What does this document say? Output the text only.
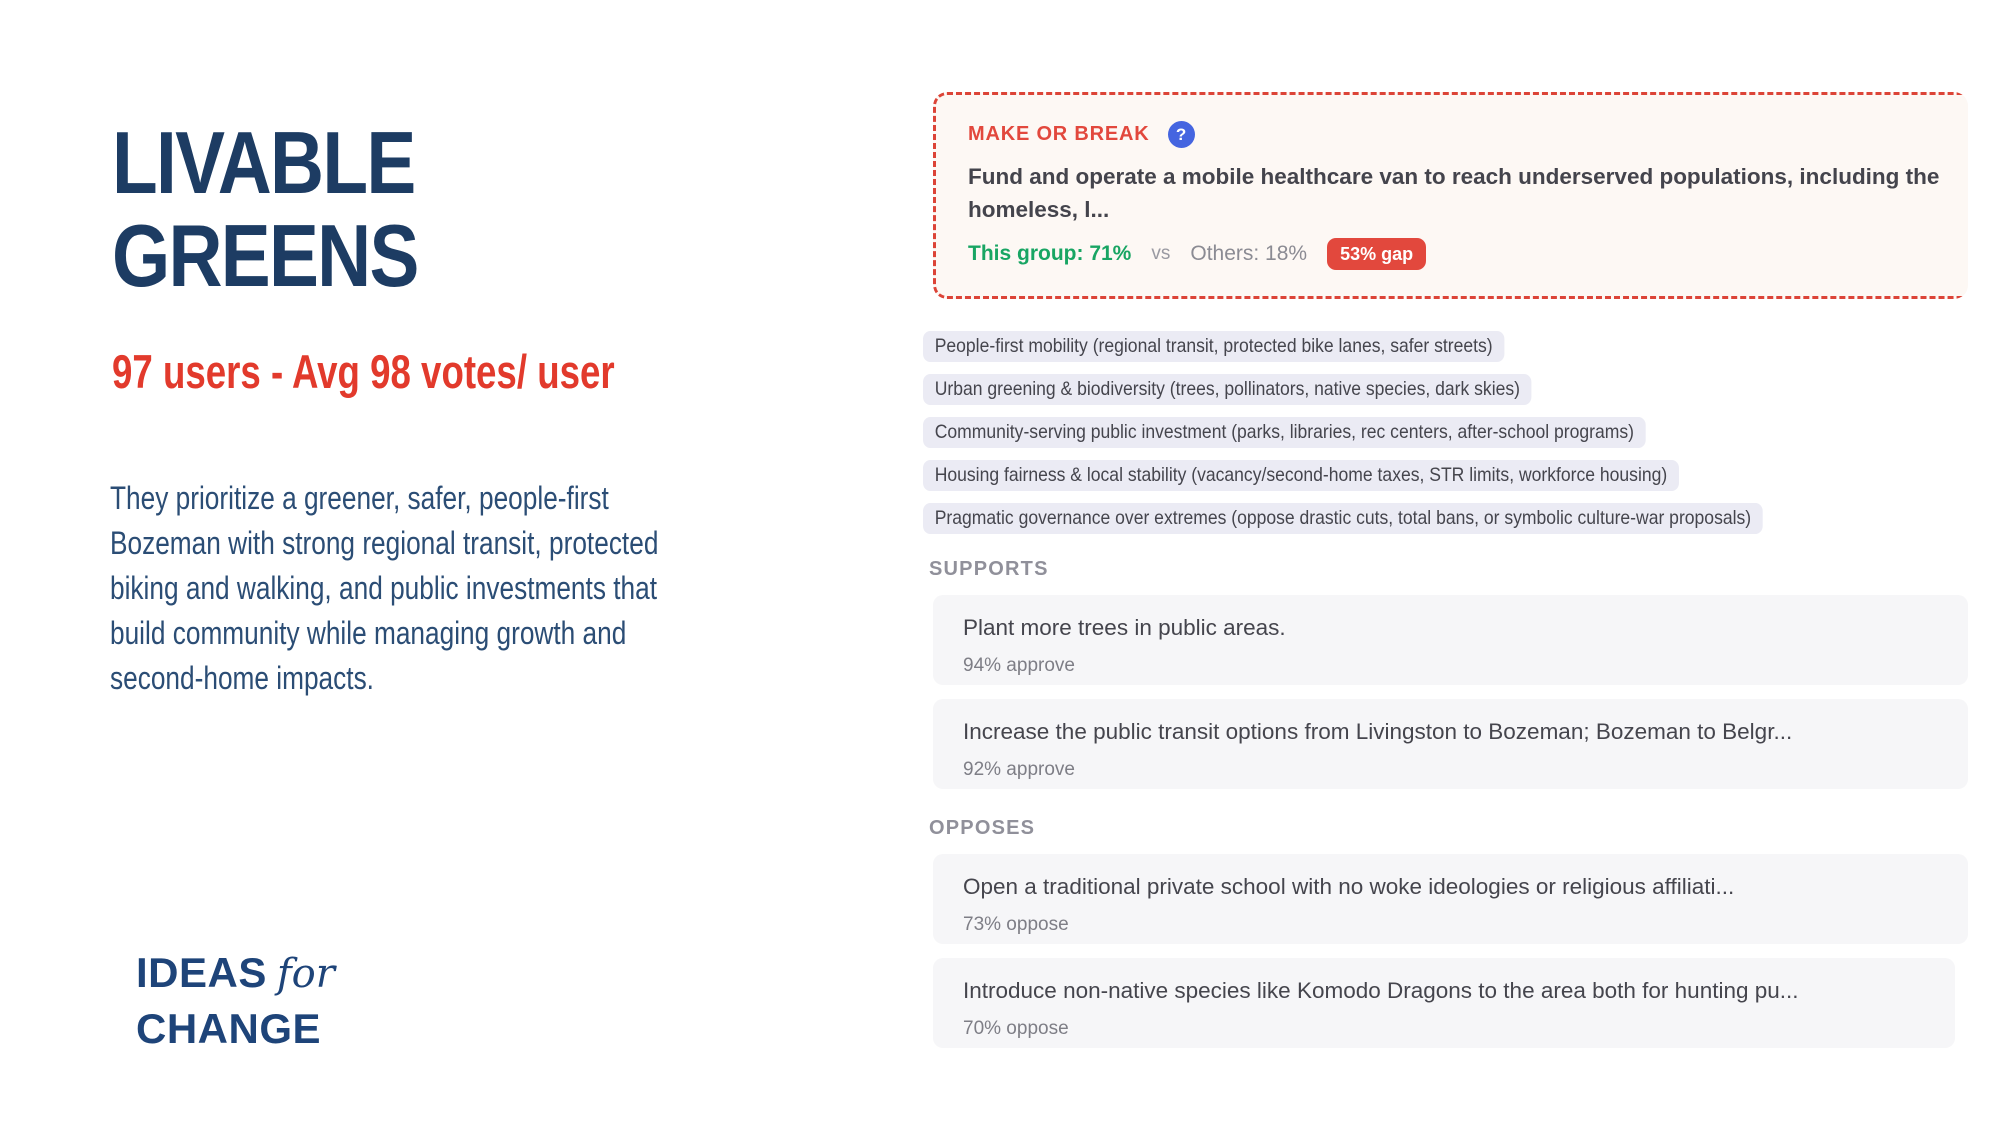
LIVABLE
GREENS
97 users - Avg 98 votes/ user

They prioritize a greener, safer, people-first Bozeman with strong regional transit, protected biking and walking, and public investments that build community while managing growth and second-home impacts.

IDEAS for
CHANGE
MAKE OR BREAK	?
Fund and operate a mobile healthcare van to reach underserved populations, including the homeless, l...
This group: 71% vs Others: 18%	53% gap
People-first mobility (regional transit, protected bike lanes, safer streets)
Urban greening & biodiversity (trees, pollinators, native species, dark skies)
Community-serving public investment (parks, libraries, rec centers, after-school programs)
Housing fairness & local stability (vacancy/second-home taxes, STR limits, workforce housing)
Pragmatic governance over extremes (oppose drastic cuts, total bans, or symbolic culture-war proposals)
SUPPORTS
Plant more trees in public areas.
94% approve
Increase the public transit options from Livingston to Bozeman; Bozeman to Belgr...
92% approve
OPPOSES
Open a traditional private school with no woke ideologies or religious affiliati...
73% oppose
Introduce non-native species like Komodo Dragons to the area both for hunting pu...
70% oppose
